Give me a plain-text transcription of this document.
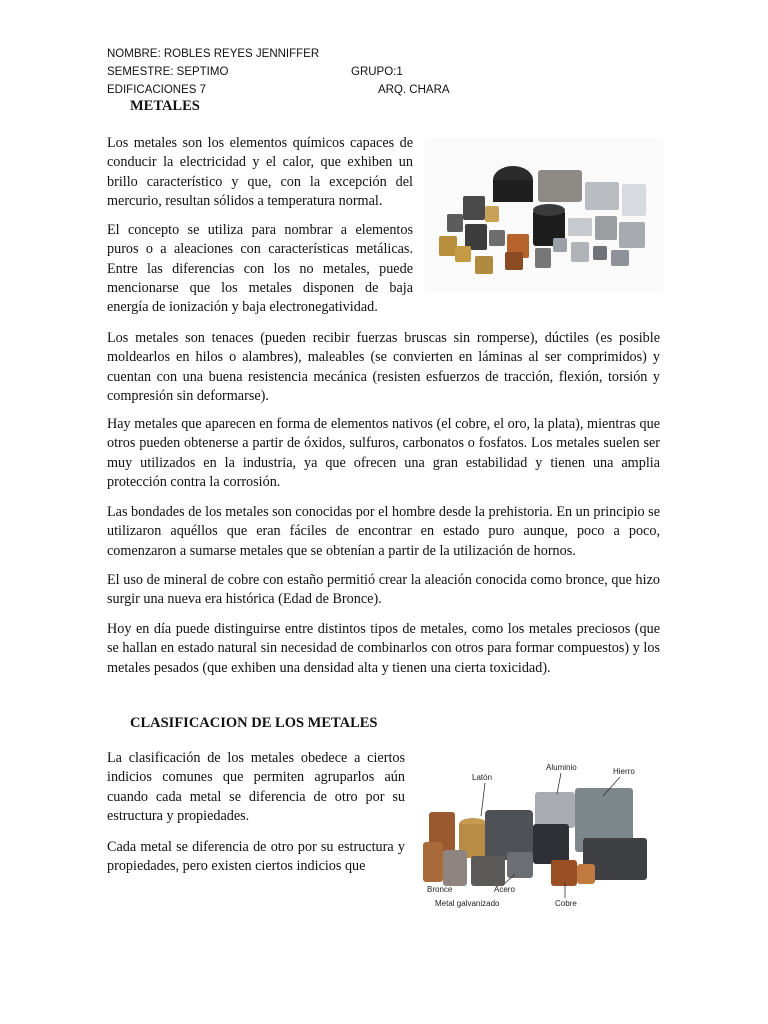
NOMBRE: ROBLES REYES JENNIFFER
SEMESTRE: SEPTIMO	GRUPO:1
EDIFICACIONES 7	ARQ. CHARA
METALES

Los metales son los elementos químicos capaces de conducir la electricidad y el calor, que exhiben un brillo característico y que, con la excepción del mercurio, resultan sólidos a temperatura normal.

El concepto se utiliza para nombrar a elementos puros o a aleaciones con características metálicas. Entre las diferencias con los no metales, puede mencionarse que los metales disponen de baja energía de ionización y baja electronegatividad.

Los metales son tenaces (pueden recibir fuerzas bruscas sin romperse), dúctiles (es posible moldearlos en hilos o alambres), maleables (se convierten en láminas al ser comprimidos) y cuentan con una buena resistencia mecánica (resisten esfuerzos de tracción, flexión, torsión y compresión sin deformarse).

Hay metales que aparecen en forma de elementos nativos (el cobre, el oro, la plata), mientras que otros pueden obtenerse a partir de óxidos, sulfuros, carbonatos o fosfatos. Los metales suelen ser muy utilizados en la industria, ya que ofrecen una gran estabilidad y tienen una amplia protección contra la corrosión.

Las bondades de los metales son conocidas por el hombre desde la prehistoria. En un principio se utilizaron aquéllos que eran fáciles de encontrar en estado puro aunque, poco a poco, comenzaron a sumarse metales que se obtenían a partir de la utilización de hornos.

El uso de mineral de cobre con estaño permitió crear la aleación conocida como bronce, que hizo surgir una nueva era histórica (Edad de Bronce).

Hoy en día puede distinguirse entre distintos tipos de metales, como los metales preciosos (que se hallan en estado natural sin necesidad de combinarlos con otros para formar compuestos) y los metales pesados (que exhiben una densidad alta y tienen una cierta toxicidad).

CLASIFICACION DE LOS METALES

La clasificación de los metales obedece a ciertos indicios comunes que permiten agruparlos aún cuando cada metal se diferencia de otro por su estructura y propiedades.

Cada metal se diferencia de otro por su estructura y propiedades, pero existen ciertos indicios que

Latón
Aluminio	Hierro
Bronce	Acero
Metal galvanizado	Cobre
